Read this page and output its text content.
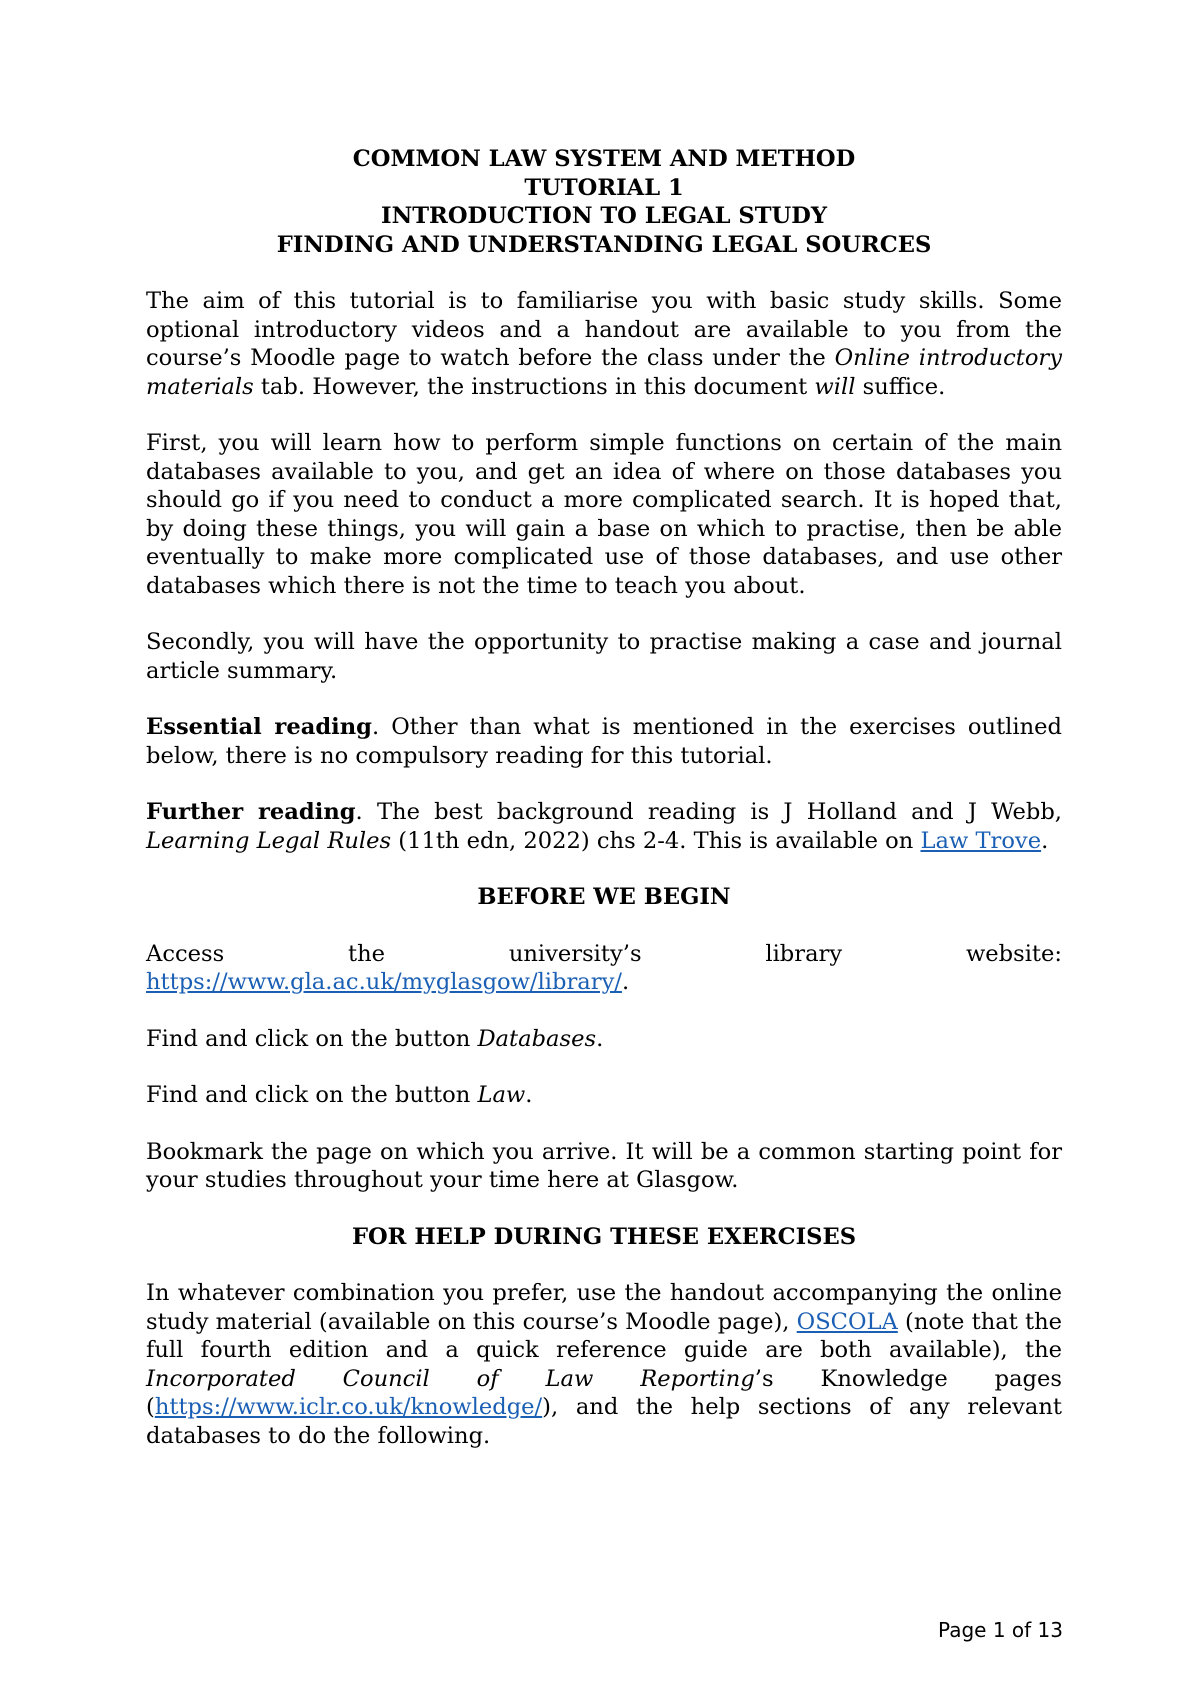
COMMON LAW SYSTEM AND METHOD
TUTORIAL 1
INTRODUCTION TO LEGAL STUDY
FINDING AND UNDERSTANDING LEGAL SOURCES

The aim of this tutorial is to familiarise you with basic study skills. Some optional introductory videos and a handout are available to you from the course’s Moodle page to watch before the class under the Online introductory materials tab. However, the instructions in this document will suffice.

First, you will learn how to perform simple functions on certain of the main databases available to you, and get an idea of where on those databases you should go if you need to conduct a more complicated search. It is hoped that, by doing these things, you will gain a base on which to practise, then be able eventually to make more complicated use of those databases, and use other databases which there is not the time to teach you about.

Secondly, you will have the opportunity to practise making a case and journal article summary.

Essential reading. Other than what is mentioned in the exercises outlined below, there is no compulsory reading for this tutorial.

Further reading. The best background reading is J Holland and J Webb, Learning Legal Rules (11th edn, 2022) chs 2-4. This is available on Law Trove.

BEFORE WE BEGIN
Access	the	university’s	library	website:
https://www.gla.ac.uk/myglasgow/library/.

Find and click on the button Databases.

Find and click on the button Law.

Bookmark the page on which you arrive. It will be a common starting point for your studies throughout your time here at Glasgow.

FOR HELP DURING THESE EXERCISES

In whatever combination you prefer, use the handout accompanying the online study material (available on this course’s Moodle page), OSCOLA (note that the full fourth edition and a quick reference guide are both available), the Incorporated Council of Law Reporting’s Knowledge pages (https://www.iclr.co.uk/knowledge/), and the help sections of any relevant databases to do the following.

Page 1 of 13
